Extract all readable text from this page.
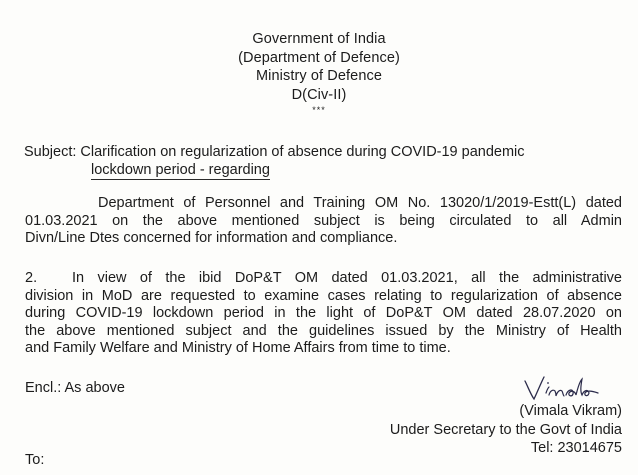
Government of India
(Department of Defence)
Ministry of Defence
D(Civ-II)
***
Subject: Clarification on regularization of absence during COVID-19 pandemic
lockdown period - regarding
Department of Personnel and Training OM No. 13020/1/2019-Estt(L) dated
01.03.2021 on the above mentioned subject is being circulated to all Admin
Divn/Line Dtes concerned for information and compliance.
2. In view of the ibid DoP&T OM dated 01.03.2021, all the administrative
division in MoD are requested to examine cases relating to regularization of absence
during COVID-19 lockdown period in the light of DoP&T OM dated 28.07.2020 on
the above mentioned subject and the guidelines issued by the Ministry of Health
and Family Welfare and Ministry of Home Affairs from time to time.
Encl.: As above
(Vimala Vikram)
Under Secretary to the Govt of India
Tel: 23014675
To:
